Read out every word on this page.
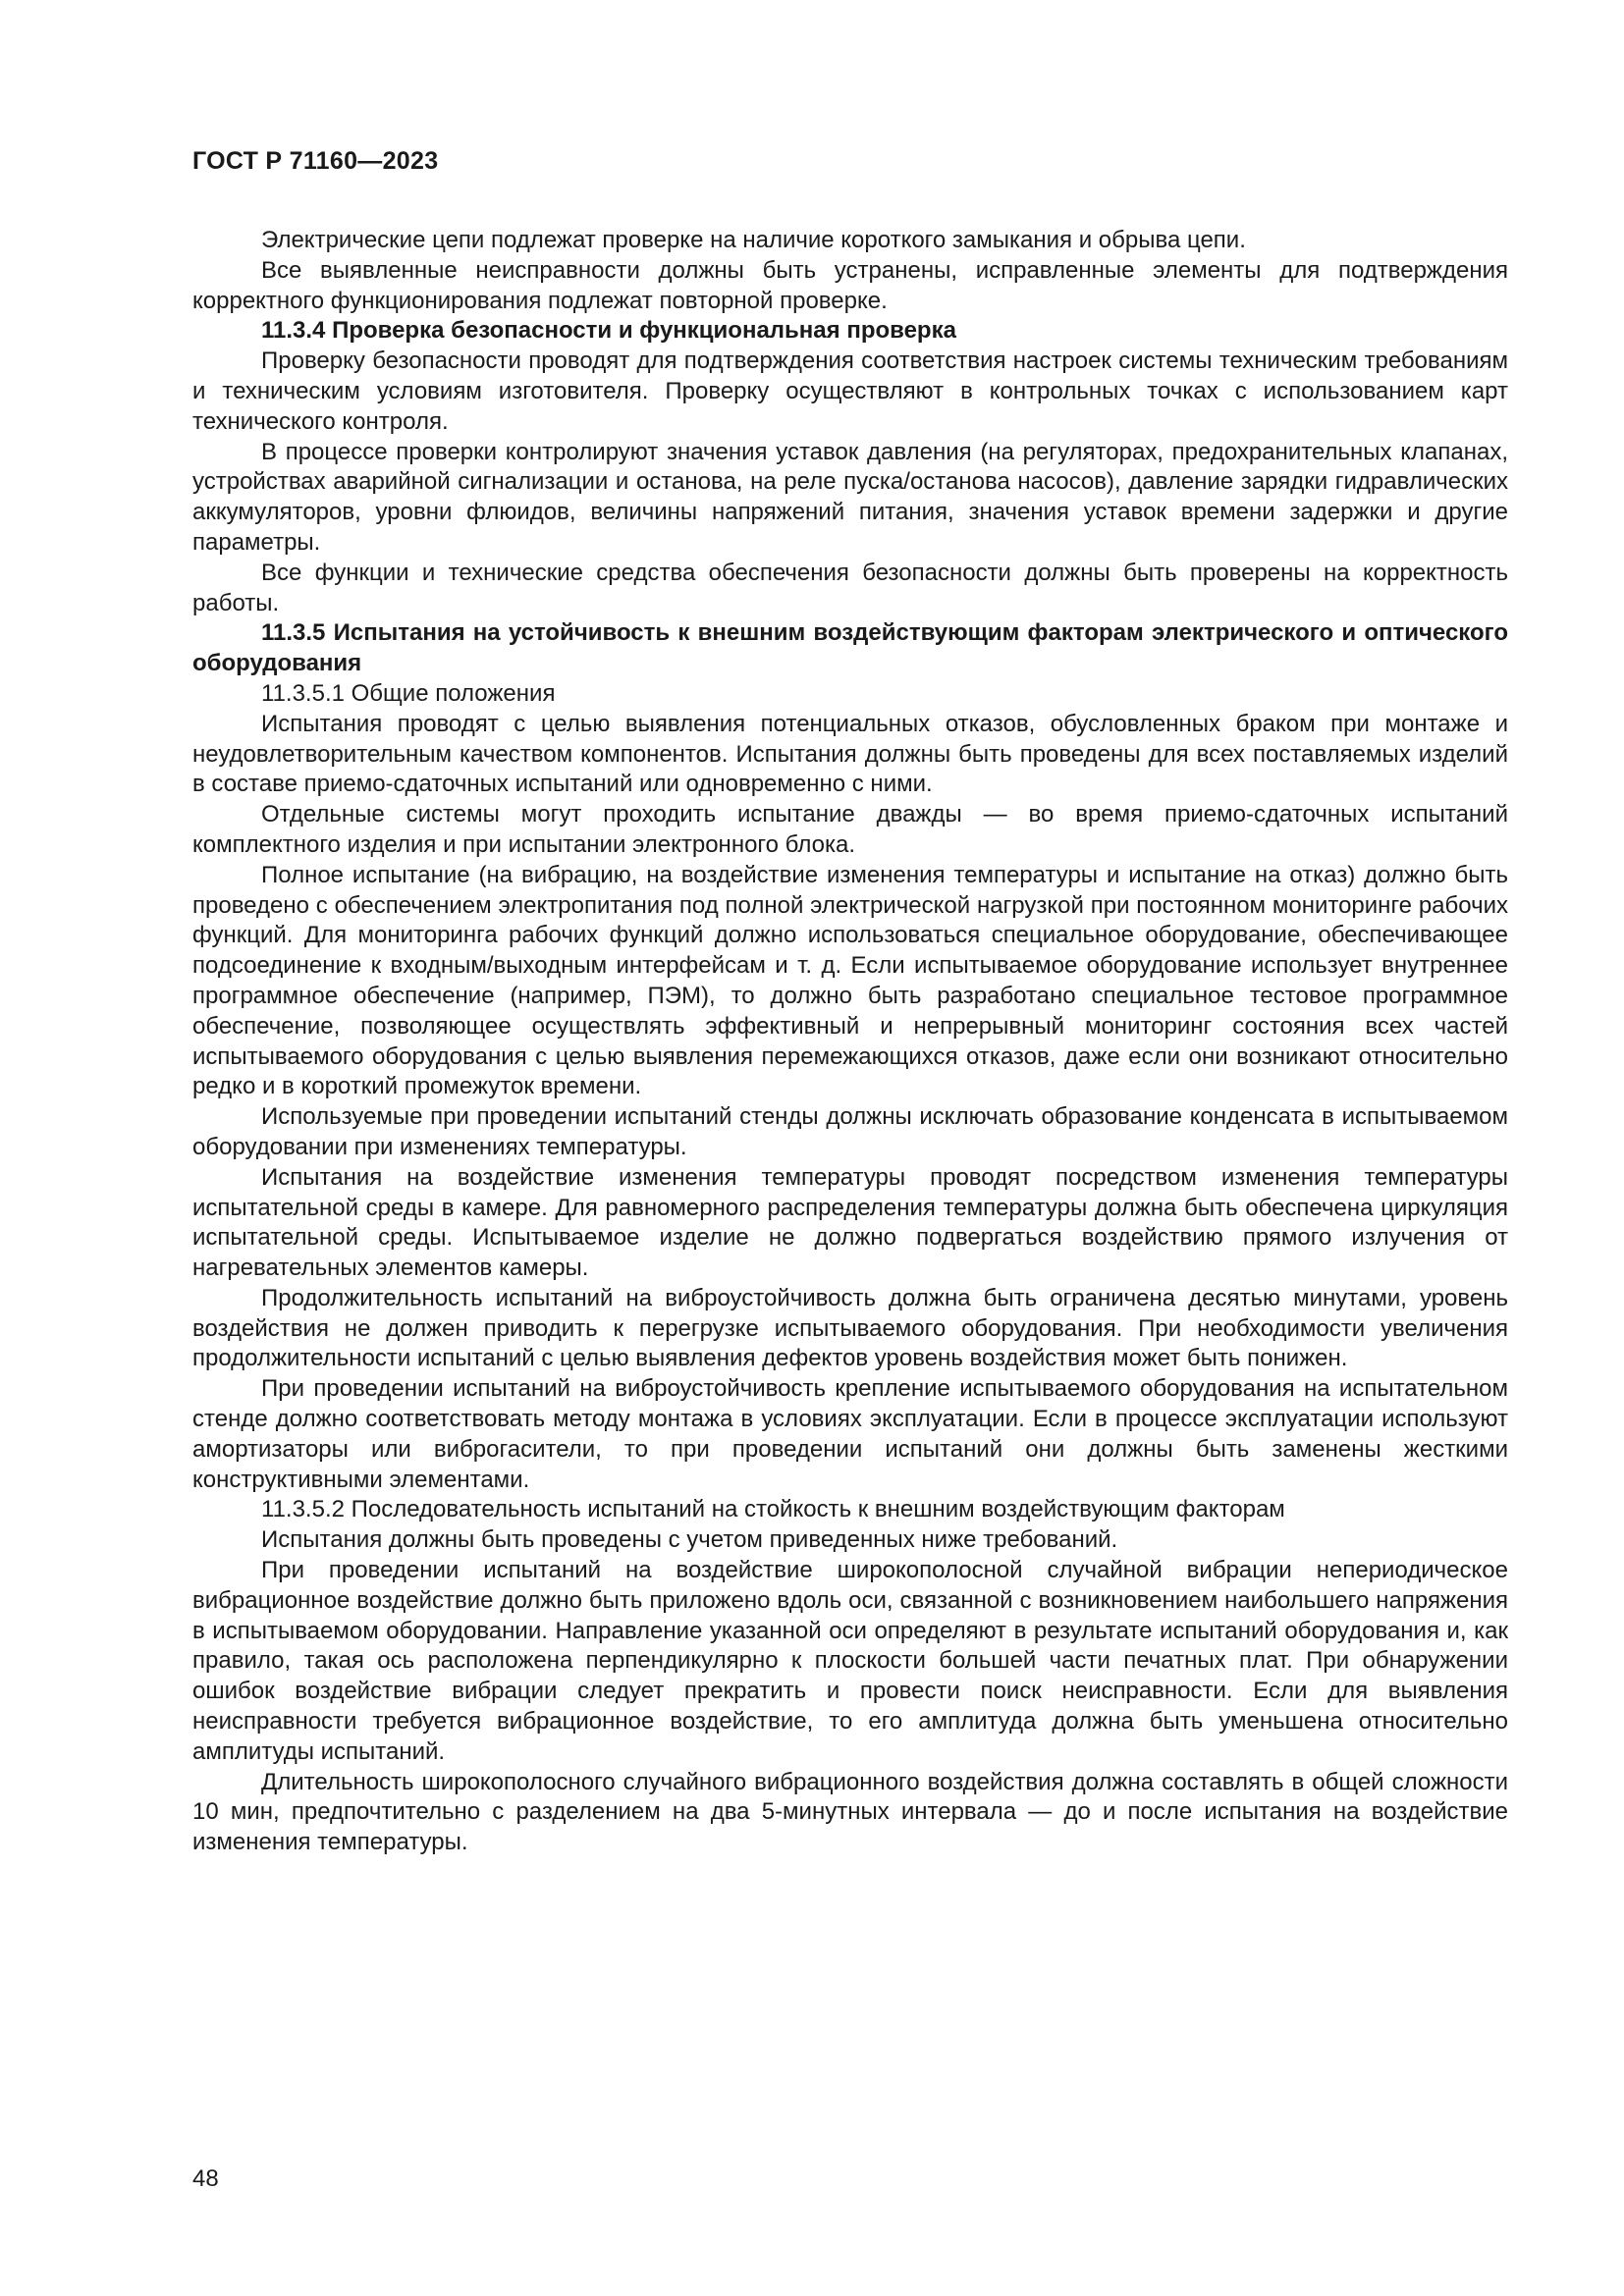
ГОСТ Р 71160—2023

Электрические цепи подлежат проверке на наличие короткого замыкания и обрыва цепи.

Все выявленные неисправности должны быть устранены, исправленные элементы для подтверждения корректного функционирования подлежат повторной проверке.

11.3.4 Проверка безопасности и функциональная проверка

Проверку безопасности проводят для подтверждения соответствия настроек системы техническим требованиям и техническим условиям изготовителя. Проверку осуществляют в контрольных точках с использованием карт технического контроля.

В процессе проверки контролируют значения уставок давления (на регуляторах, предохранительных клапанах, устройствах аварийной сигнализации и останова, на реле пуска/останова насосов), давление зарядки гидравлических аккумуляторов, уровни флюидов, величины напряжений питания, значения уставок времени задержки и другие параметры.

Все функции и технические средства обеспечения безопасности должны быть проверены на корректность работы.

11.3.5 Испытания на устойчивость к внешним воздействующим факторам электрического и оптического оборудования

11.3.5.1 Общие положения

Испытания проводят с целью выявления потенциальных отказов, обусловленных браком при монтаже и неудовлетворительным качеством компонентов. Испытания должны быть проведены для всех поставляемых изделий в составе приемо-сдаточных испытаний или одновременно с ними.

Отдельные системы могут проходить испытание дважды — во время приемо-сдаточных испытаний комплектного изделия и при испытании электронного блока.

Полное испытание (на вибрацию, на воздействие изменения температуры и испытание на отказ) должно быть проведено с обеспечением электропитания под полной электрической нагрузкой при постоянном мониторинге рабочих функций. Для мониторинга рабочих функций должно использоваться специальное оборудование, обеспечивающее подсоединение к входным/выходным интерфейсам и т. д. Если испытываемое оборудование использует внутреннее программное обеспечение (например, ПЭМ), то должно быть разработано специальное тестовое программное обеспечение, позволяющее осуществлять эффективный и непрерывный мониторинг состояния всех частей испытываемого оборудования с целью выявления перемежающихся отказов, даже если они возникают относительно редко и в короткий промежуток времени.

Используемые при проведении испытаний стенды должны исключать образование конденсата в испытываемом оборудовании при изменениях температуры.

Испытания на воздействие изменения температуры проводят посредством изменения температуры испытательной среды в камере. Для равномерного распределения температуры должна быть обеспечена циркуляция испытательной среды. Испытываемое изделие не должно подвергаться воздействию прямого излучения от нагревательных элементов камеры.

Продолжительность испытаний на виброустойчивость должна быть ограничена десятью минутами, уровень воздействия не должен приводить к перегрузке испытываемого оборудования. При необходимости увеличения продолжительности испытаний с целью выявления дефектов уровень воздействия может быть понижен.

При проведении испытаний на виброустойчивость крепление испытываемого оборудования на испытательном стенде должно соответствовать методу монтажа в условиях эксплуатации. Если в процессе эксплуатации используют амортизаторы или виброгасители, то при проведении испытаний они должны быть заменены жесткими конструктивными элементами.

11.3.5.2 Последовательность испытаний на стойкость к внешним воздействующим факторам

Испытания должны быть проведены с учетом приведенных ниже требований.

При проведении испытаний на воздействие широкополосной случайной вибрации непериодическое вибрационное воздействие должно быть приложено вдоль оси, связанной с возникновением наибольшего напряжения в испытываемом оборудовании. Направление указанной оси определяют в результате испытаний оборудования и, как правило, такая ось расположена перпендикулярно к плоскости большей части печатных плат. При обнаружении ошибок воздействие вибрации следует прекратить и провести поиск неисправности. Если для выявления неисправности требуется вибрационное воздействие, то его амплитуда должна быть уменьшена относительно амплитуды испытаний.

Длительность широкополосного случайного вибрационного воздействия должна составлять в общей сложности 10 мин, предпочтительно с разделением на два 5-минутных интервала — до и после испытания на воздействие изменения температуры.

48
